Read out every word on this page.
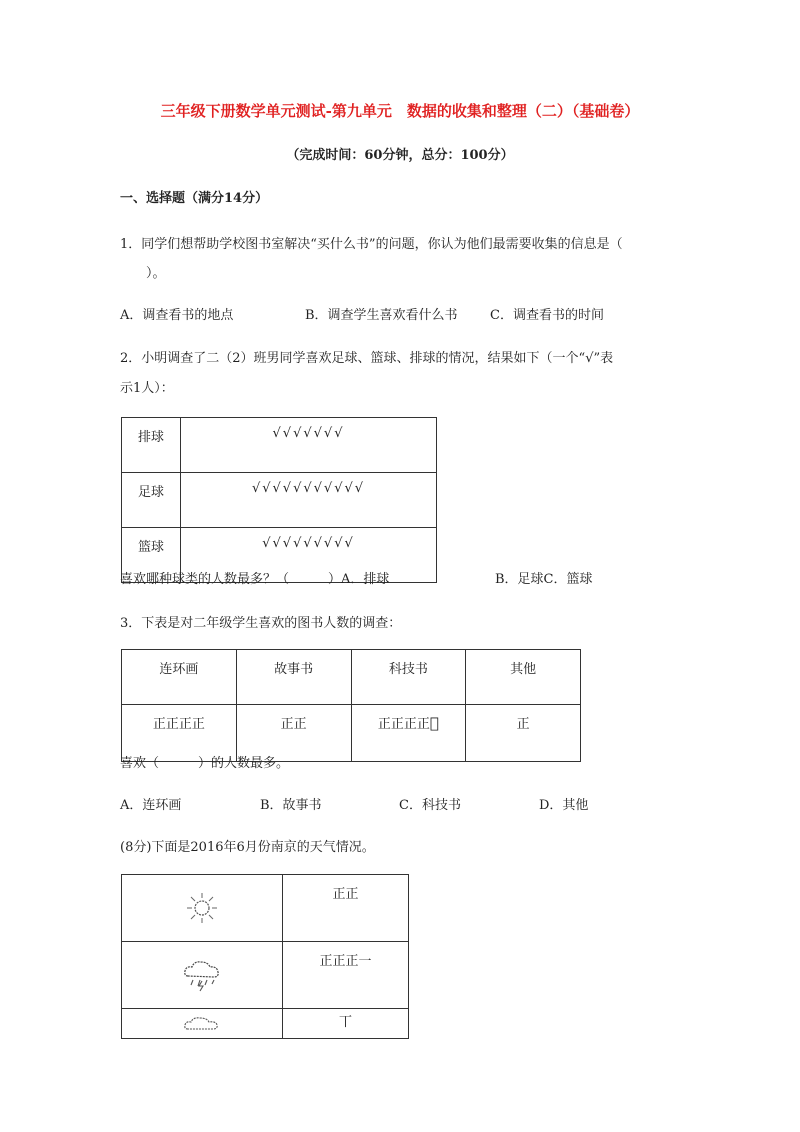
三年级下册数学单元测试-第九单元　数据的收集和整理（二）（基础卷）
（完成时间：60分钟，总分：100分）
一、选择题（满分14分）
1．同学们想帮助学校图书室解决“买什么书”的问题，你认为他们最需要收集的信息是（
　　）。
A．调查看书的地点	B．调查学生喜欢看什么书 C．调查看书的时间
2．小明调查了二（2）班男同学喜欢足球、篮球、排球的情况，结果如下（一个“√”表
示1人）：
排球	√√√√√√√
足球	√√√√√√√√√√√
篮球	√√√√√√√√√
喜欢哪种球类的人数最多？（　　　）A．排球	B．足球C．篮球
3．下表是对二年级学生喜欢的图书人数的调查：
连环画	故事书	科技书	其他
正正正正	正正	正正正正𠀆	正
喜欢（　　　）的人数最多。
A．连环画	B．故事书	C．科技书	D．其他
(8分)下面是2016年6月份南京的天气情况。
	正正

	正正正一

	丅
